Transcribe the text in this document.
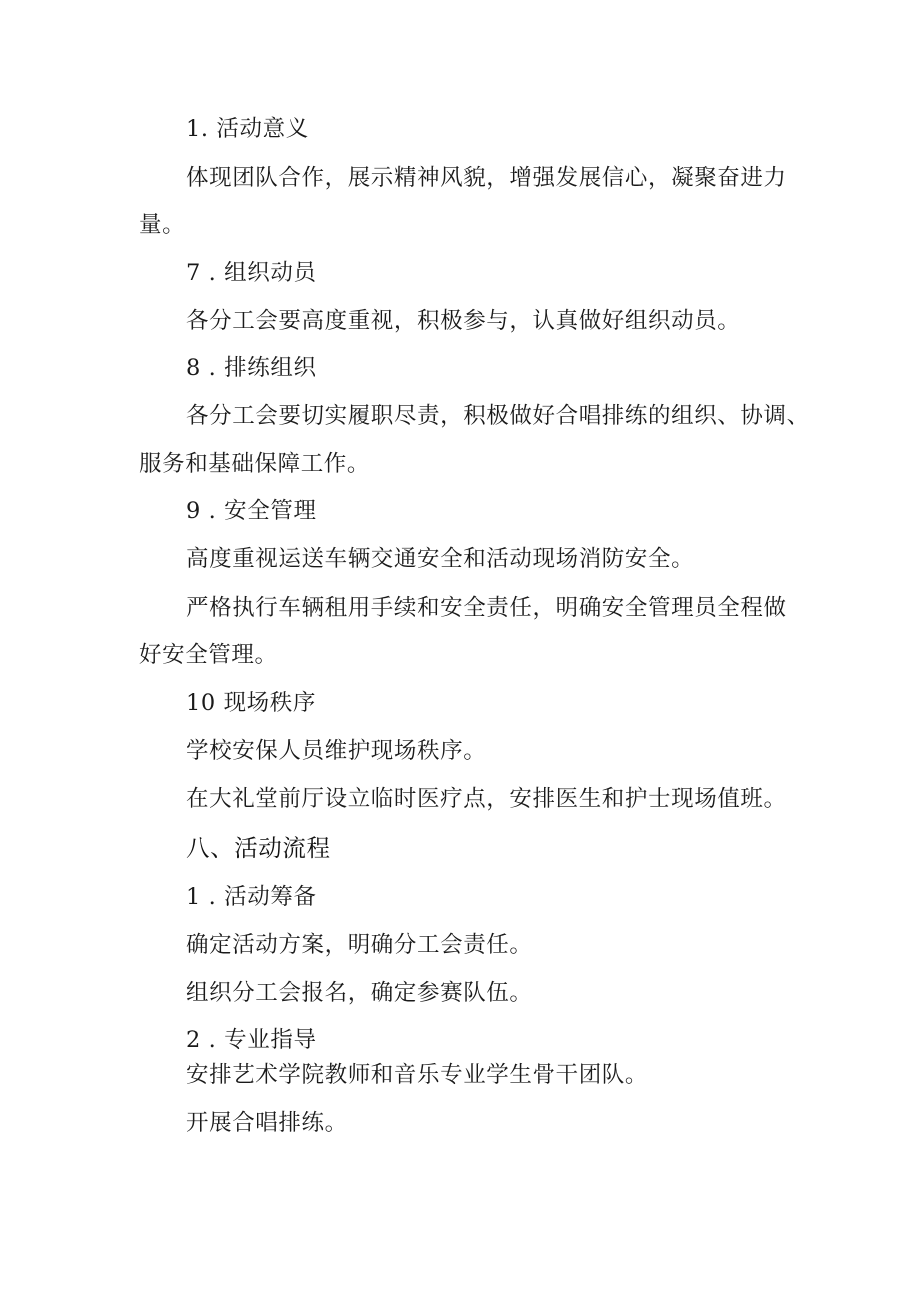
1. 活动意义
体现团队合作，展示精神风貌，增强发展信心，凝聚奋进力
量。
7 . 组织动员
各分工会要高度重视，积极参与，认真做好组织动员。
8 . 排练组织
各分工会要切实履职尽责，积极做好合唱排练的组织、协调、
服务和基础保障工作。
9 . 安全管理
高度重视运送车辆交通安全和活动现场消防安全。
严格执行车辆租用手续和安全责任，明确安全管理员全程做
好安全管理。
10 现场秩序
学校安保人员维护现场秩序。
在大礼堂前厅设立临时医疗点，安排医生和护士现场值班。
八、活动流程
1 . 活动筹备
确定活动方案，明确分工会责任。
组织分工会报名，确定参赛队伍。
2 . 专业指导
安排艺术学院教师和音乐专业学生骨干团队。
开展合唱排练。
